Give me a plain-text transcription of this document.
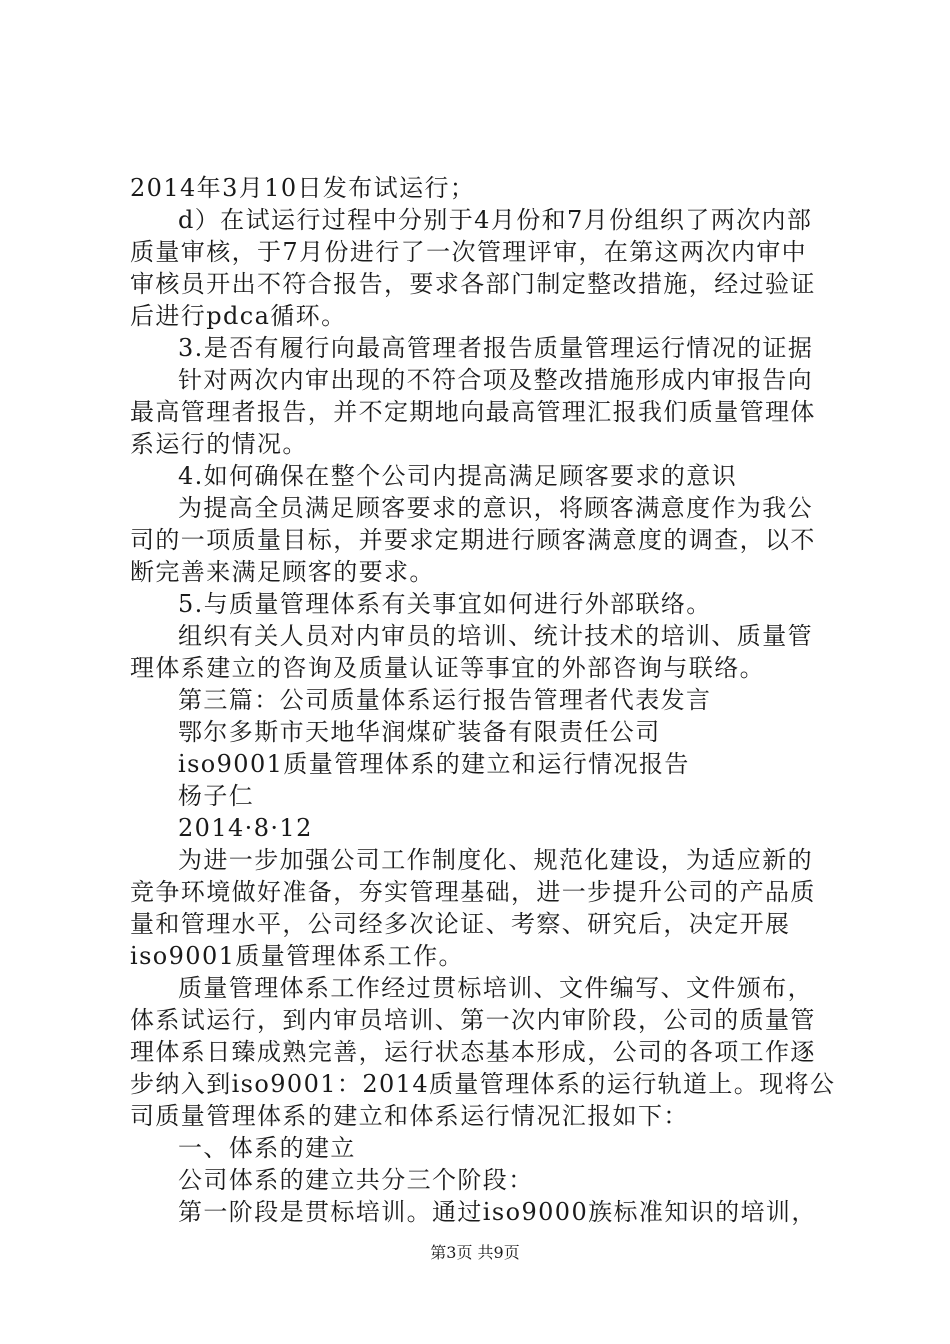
2014年3月10日发布试运行；
d）在试运行过程中分别于4月份和7月份组织了两次内部
质量审核，于7月份进行了一次管理评审，在第这两次内审中
审核员开出不符合报告，要求各部门制定整改措施，经过验证
后进行pdca循环。
3.是否有履行向最高管理者报告质量管理运行情况的证据
针对两次内审出现的不符合项及整改措施形成内审报告向
最高管理者报告，并不定期地向最高管理汇报我们质量管理体
系运行的情况。
4.如何确保在整个公司内提高满足顾客要求的意识
为提高全员满足顾客要求的意识，将顾客满意度作为我公
司的一项质量目标，并要求定期进行顾客满意度的调查，以不
断完善来满足顾客的要求。
5.与质量管理体系有关事宜如何进行外部联络。
组织有关人员对内审员的培训、统计技术的培训、质量管
理体系建立的咨询及质量认证等事宜的外部咨询与联络。
第三篇：公司质量体系运行报告管理者代表发言
鄂尔多斯市天地华润煤矿装备有限责任公司
iso9001质量管理体系的建立和运行情况报告
杨子仁
2014·8·12
为进一步加强公司工作制度化、规范化建设，为适应新的
竞争环境做好准备，夯实管理基础，进一步提升公司的产品质
量和管理水平，公司经多次论证、考察、研究后，决定开展
iso9001质量管理体系工作。
质量管理体系工作经过贯标培训、文件编写、文件颁布，
体系试运行，到内审员培训、第一次内审阶段，公司的质量管
理体系日臻成熟完善，运行状态基本形成，公司的各项工作逐
步纳入到iso9001：2014质量管理体系的运行轨道上。现将公
司质量管理体系的建立和体系运行情况汇报如下：
一、体系的建立
公司体系的建立共分三个阶段：
第一阶段是贯标培训。通过iso9000族标准知识的培训，
第3页 共9页
